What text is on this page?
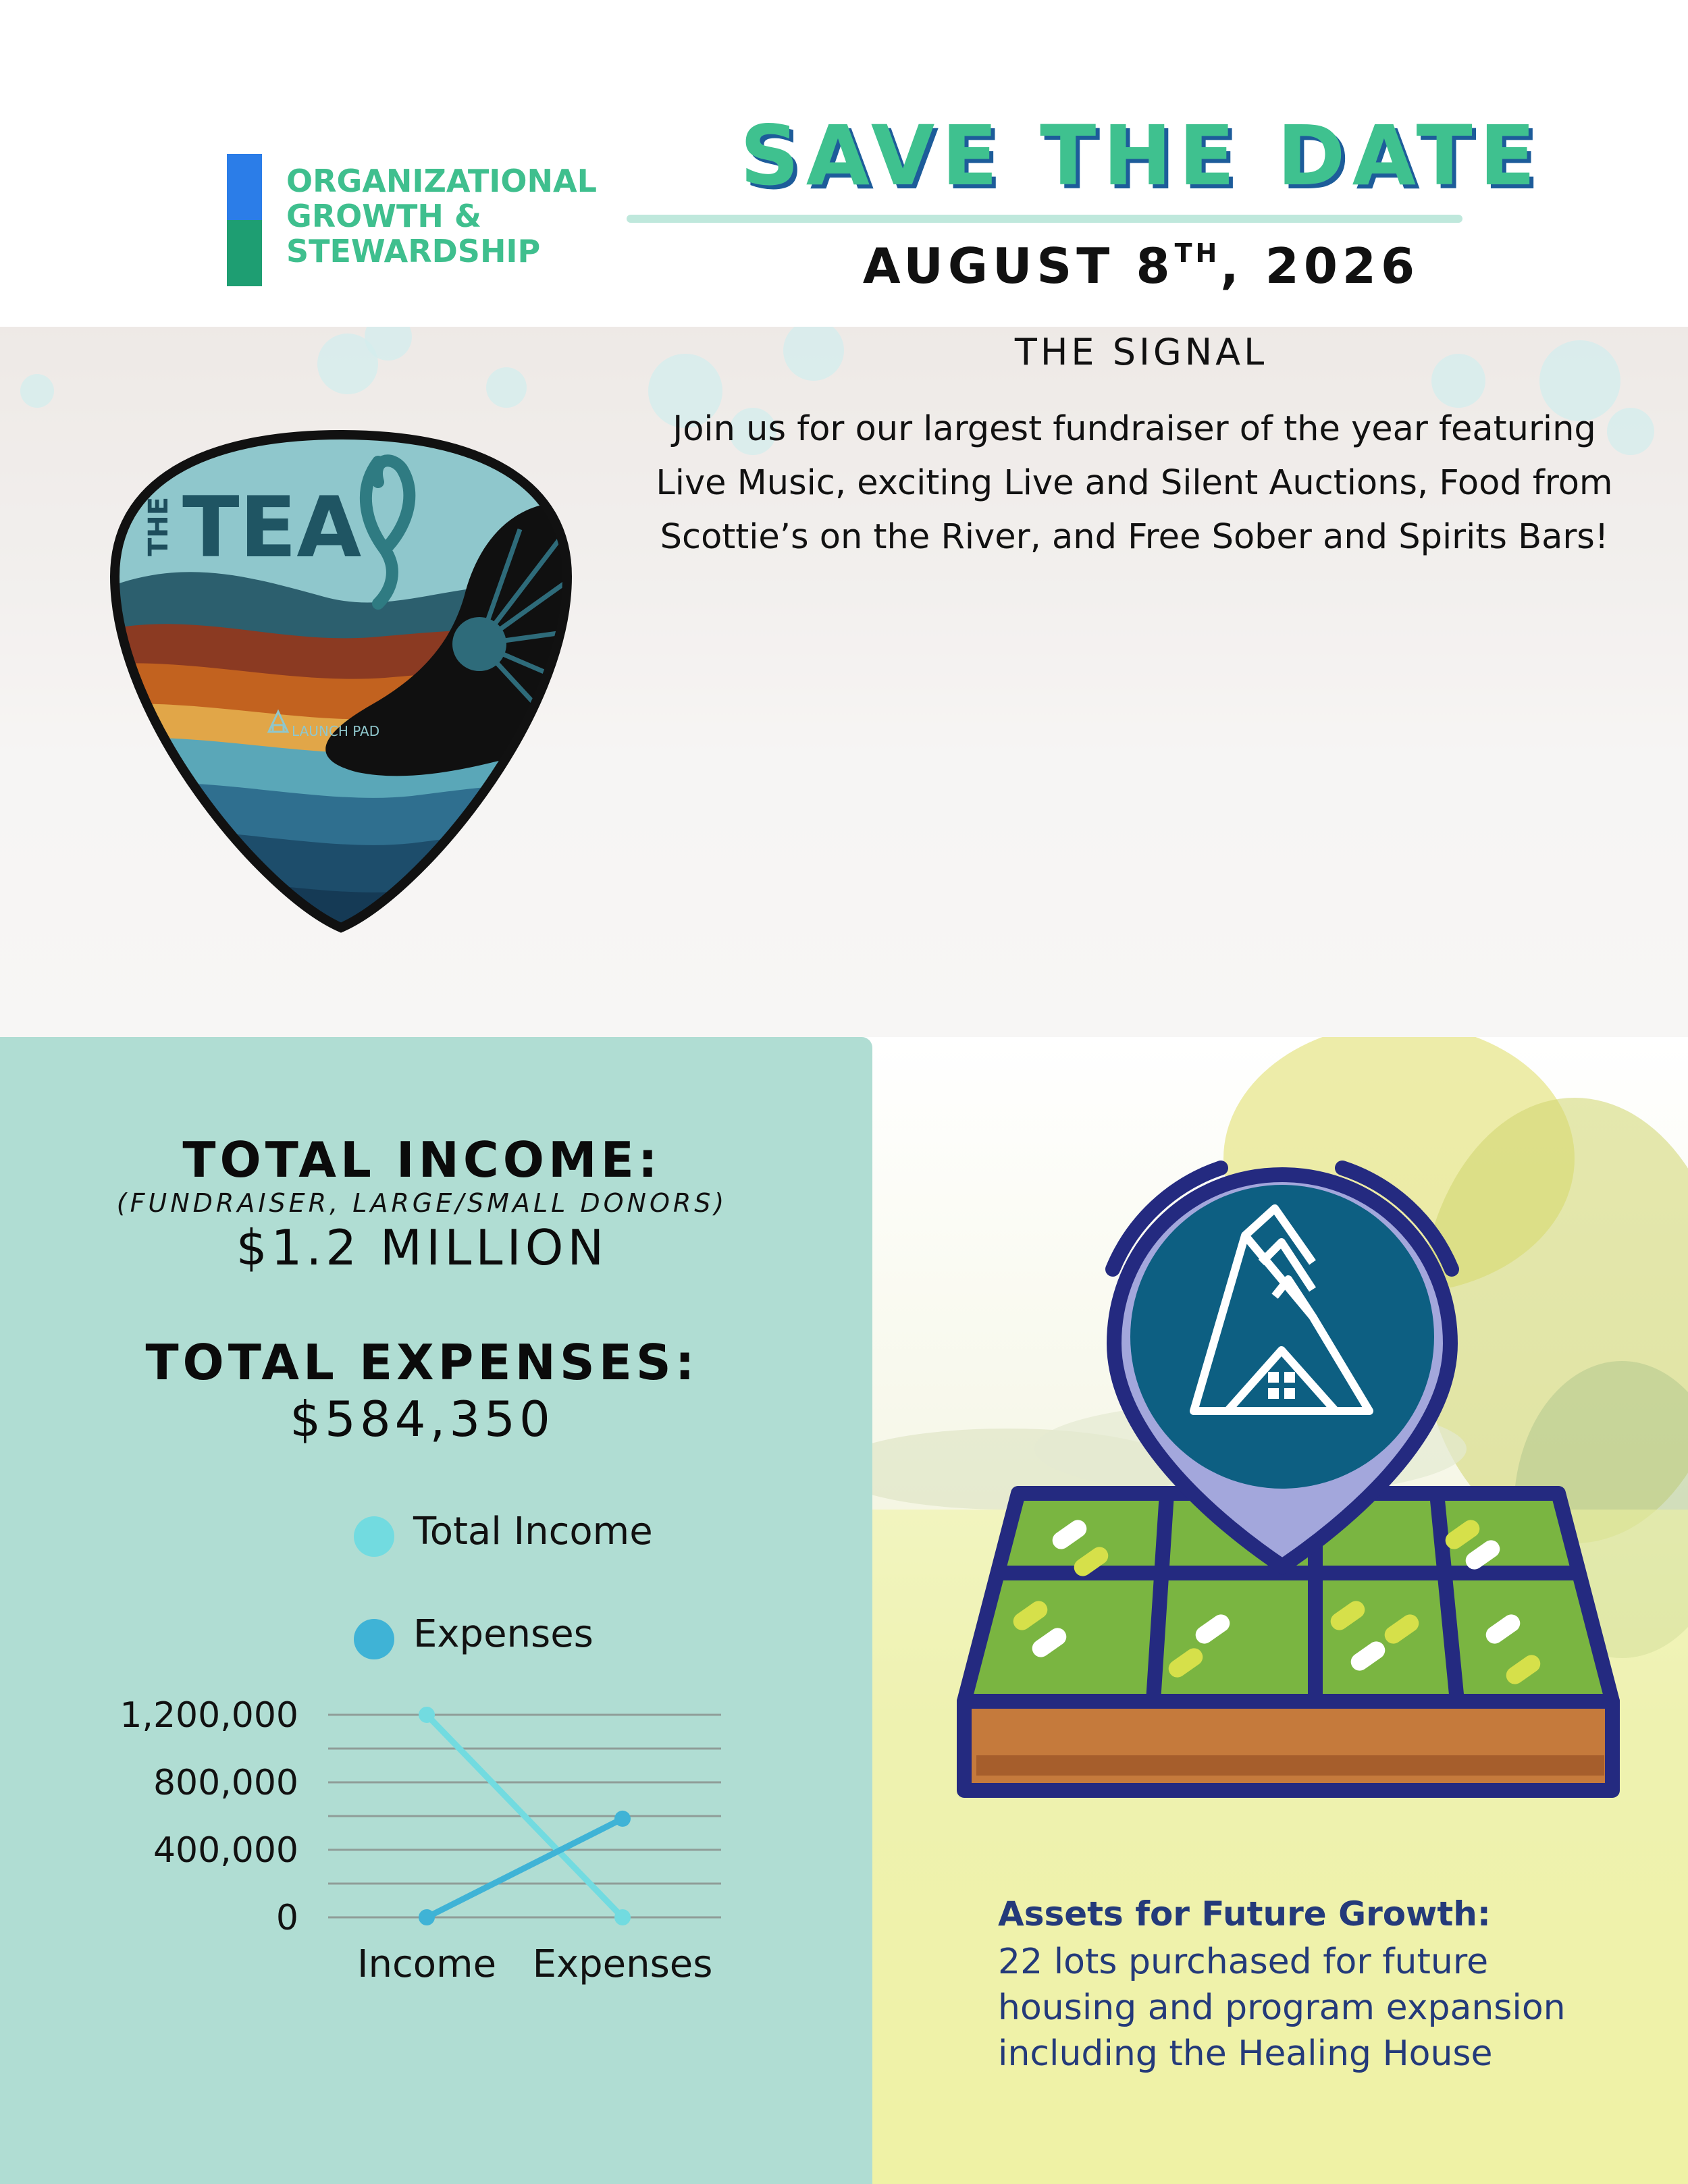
ORGANIZATIONAL
GROWTH &
STEWARDSHIP
THE TEA
LAUNCH PAD
SAVE THE DATE
AUGUST 8TH, 2026
THE SIGNAL
Join us for our largest fundraiser of the year featuring
Live Music, exciting Live and Silent Auctions, Food from
Scottie’s on the River, and Free Sober and Spirits Bars!
TOTAL INCOME:
(FUNDRAISER, LARGE/SMALL DONORS)
$1.2 MILLION
TOTAL EXPENSES:
$584,350
Total Income
Expenses
1,200,000
800,000
400,000
0
Income Expenses
Assets for Future Growth:
22 lots purchased for future
housing and program expansion
including the Healing House
